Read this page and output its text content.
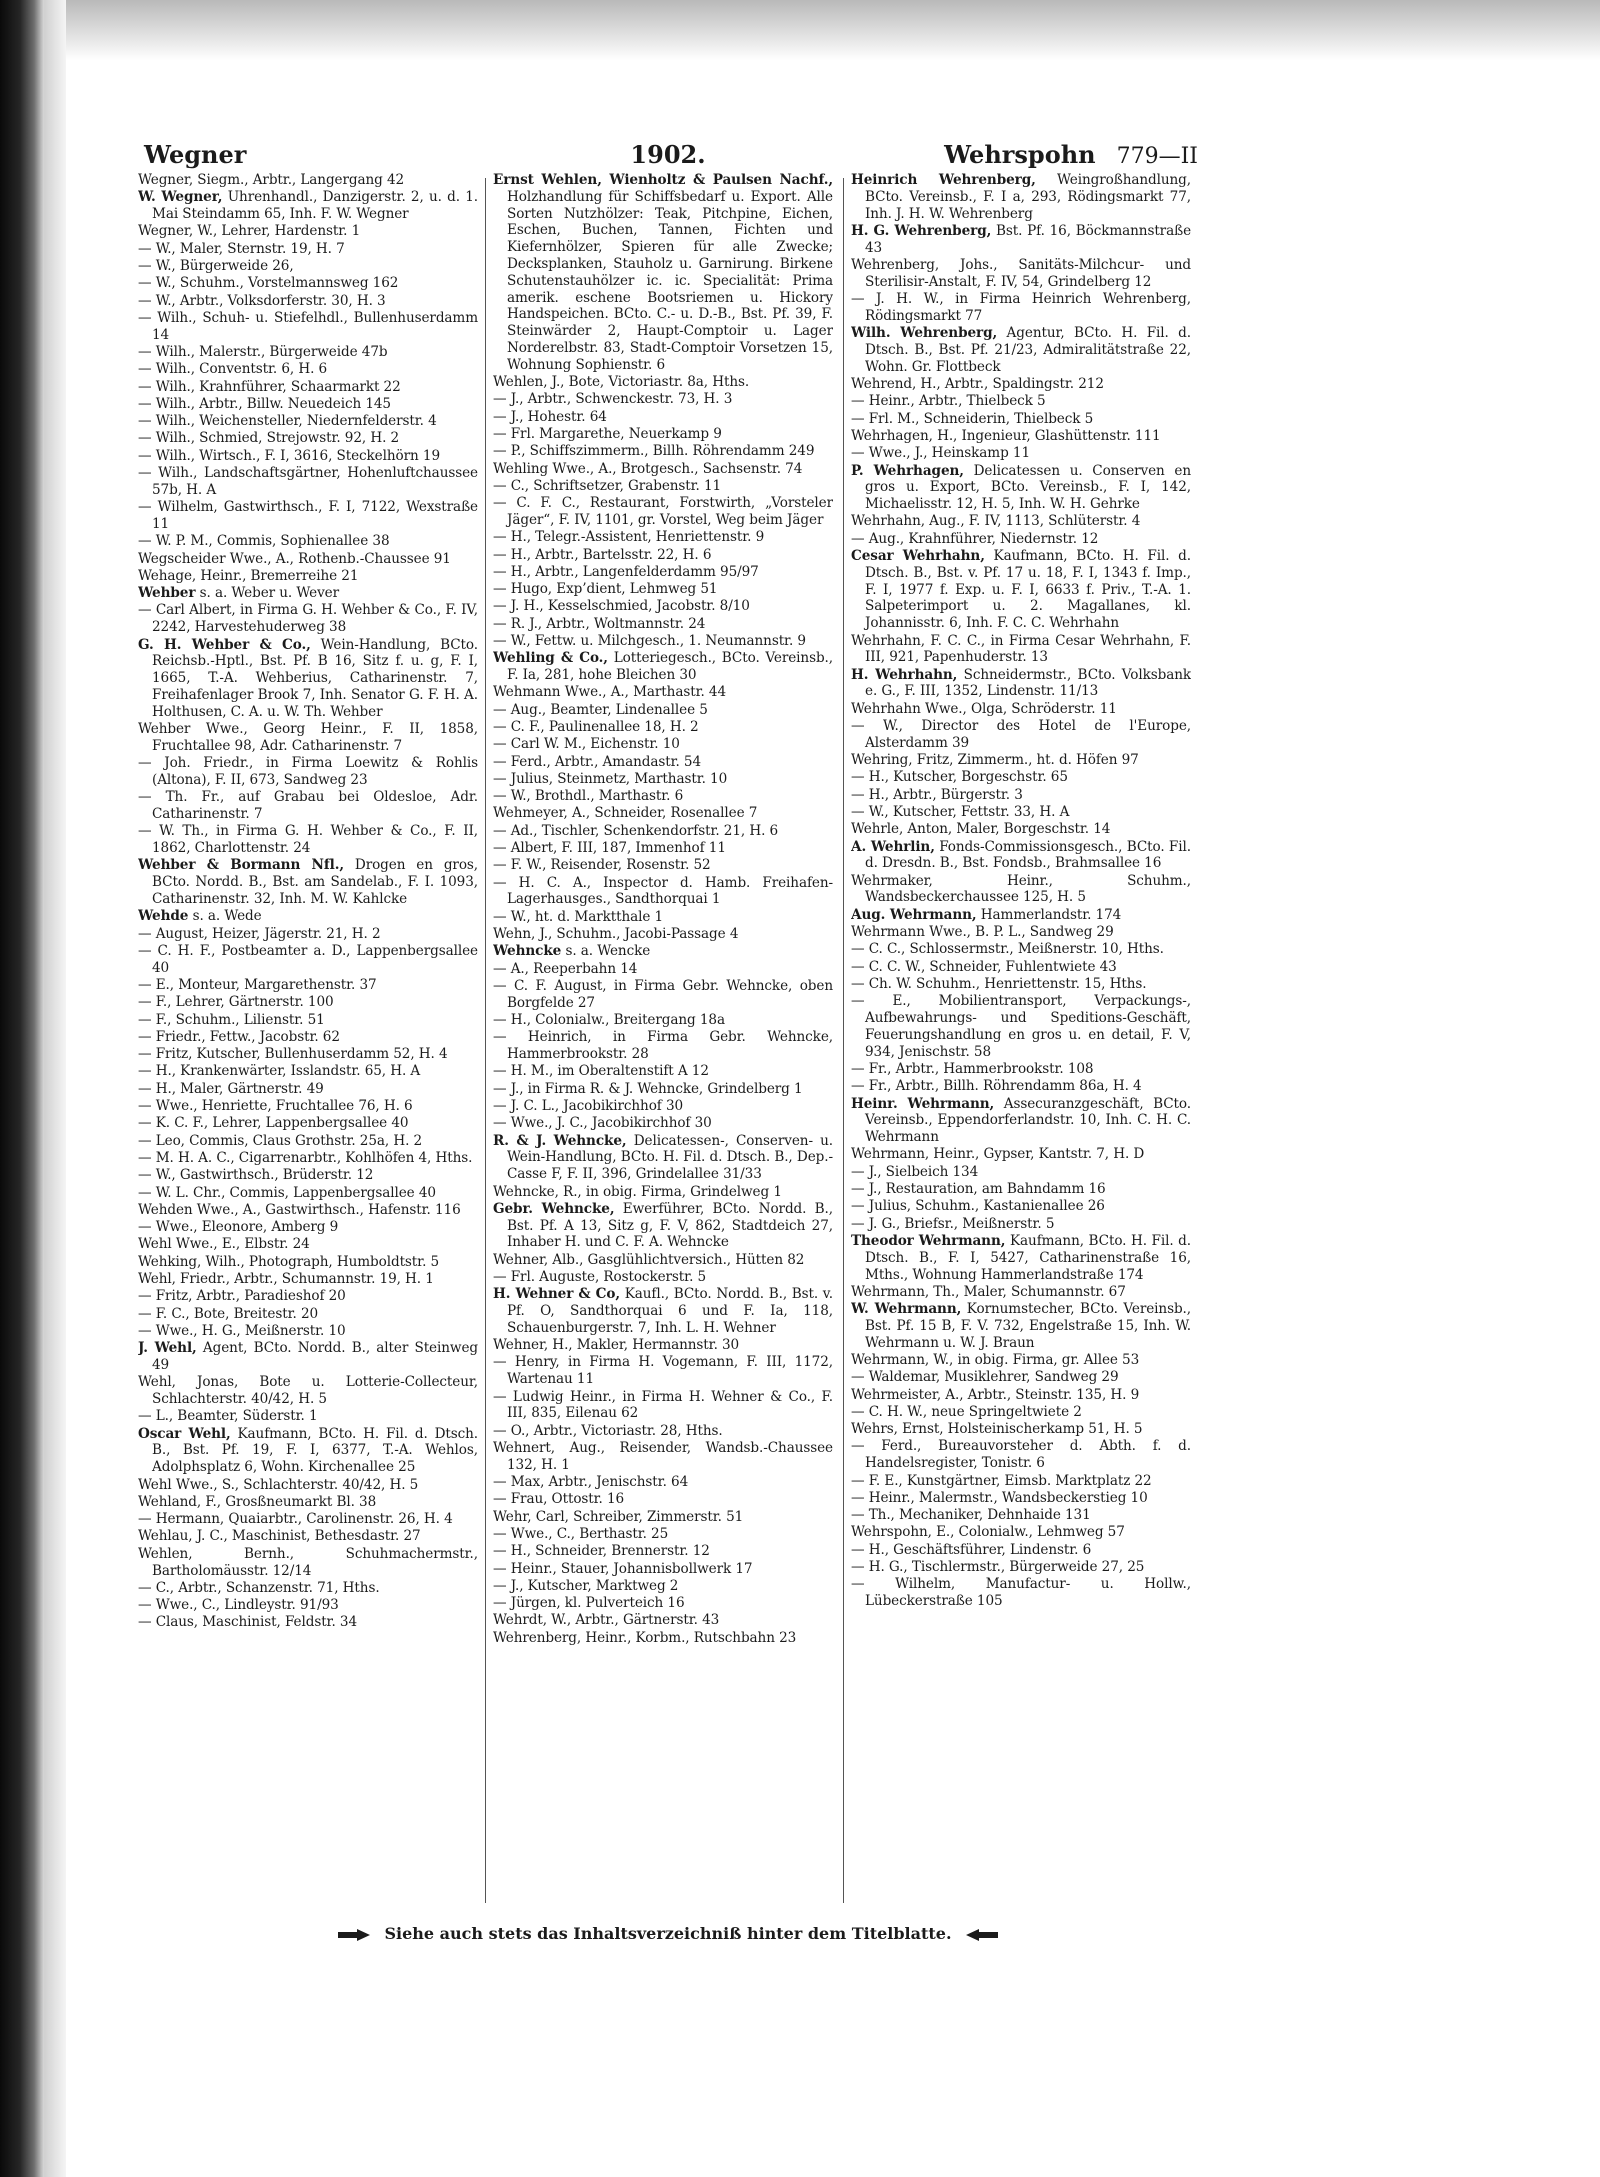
Wegner	1902.	Wehrspohn 779—II
Wegner, Siegm., Arbtr., Langergang 42
W. Wegner, Uhrenhandl., Danzigerstr. 2, u. d. 1. Mai Steindamm 65, Inh. F. W. Wegner
Wegner, W., Lehrer, Hardenstr. 1
— W., Maler, Sternstr. 19, H. 7
— W., Bürgerweide 26,
— W., Schuhm., Vorstelmannsweg 162
— W., Arbtr., Volksdorferstr. 30, H. 3
— Wilh., Schuh- u. Stiefelhdl., Bullenhuserdamm 14
— Wilh., Malerstr., Bürgerweide 47b
— Wilh., Conventstr. 6, H. 6
— Wilh., Krahnführer, Schaarmarkt 22
— Wilh., Arbtr., Billw. Neuedeich 145
— Wilh., Weichensteller, Niedernfelderstr. 4
— Wilh., Schmied, Strejowstr. 92, H. 2
— Wilh., Wirtsch., F. I, 3616, Steckelhörn 19
— Wilh., Landschaftsgärtner, Hohenluftchaussee 57b, H. A
— Wilhelm, Gastwirthsch., F. I, 7122, Wexstraße 11
— W. P. M., Commis, Sophienallee 38
Wegscheider Wwe., A., Rothenb.-Chaussee 91
Wehage, Heinr., Bremerreihe 21
Wehber s. a. Weber u. Wever
— Carl Albert, in Firma G. H. Wehber & Co., F. IV, 2242, Harvestehuderweg 38
G. H. Wehber & Co., Wein-Handlung, BCto. Reichsb.-Hptl., Bst. Pf. B 16, Sitz f. u. g, F. I, 1665, T.-A. Wehberius, Catharinenstr. 7, Freihafenlager Brook 7, Inh. Senator G. F. H. A. Holthusen, C. A. u. W. Th. Wehber
Wehber Wwe., Georg Heinr., F. II, 1858, Fruchtallee 98, Adr. Catharinenstr. 7
— Joh. Friedr., in Firma Loewitz & Rohlis (Altona), F. II, 673, Sandweg 23
— Th. Fr., auf Grabau bei Oldesloe, Adr. Catharinenstr. 7
— W. Th., in Firma G. H. Wehber & Co., F. II, 1862, Charlottenstr. 24
Wehber & Bormann Nfl., Drogen en gros, BCto. Nordd. B., Bst. am Sandelab., F. I. 1093, Catharinenstr. 32, Inh. M. W. Kahlcke
Wehde s. a. Wede
— August, Heizer, Jägerstr. 21, H. 2
— C. H. F., Postbeamter a. D., Lappenbergsallee 40
— E., Monteur, Margarethenstr. 37
— F., Lehrer, Gärtnerstr. 100
— F., Schuhm., Lilienstr. 51
— Friedr., Fettw., Jacobstr. 62
— Fritz, Kutscher, Bullenhuserdamm 52, H. 4
— H., Krankenwärter, Isslandstr. 65, H. A
— H., Maler, Gärtnerstr. 49
— Wwe., Henriette, Fruchtallee 76, H. 6
— K. C. F., Lehrer, Lappenbergsallee 40
— Leo, Commis, Claus Grothstr. 25a, H. 2
— M. H. A. C., Cigarrenarbtr., Kohlhöfen 4, Hths.
— W., Gastwirthsch., Brüderstr. 12
— W. L. Chr., Commis, Lappenbergsallee 40
Wehden Wwe., A., Gastwirthsch., Hafenstr. 116
— Wwe., Eleonore, Amberg 9
Wehl Wwe., E., Elbstr. 24
Wehking, Wilh., Photograph, Humboldtstr. 5
Wehl, Friedr., Arbtr., Schumannstr. 19, H. 1
— Fritz, Arbtr., Paradieshof 20
— F. C., Bote, Breitestr. 20
— Wwe., H. G., Meißnerstr. 10
J. Wehl, Agent, BCto. Nordd. B., alter Steinweg 49
Wehl, Jonas, Bote u. Lotterie-Collecteur, Schlachterstr. 40/42, H. 5
— L., Beamter, Süderstr. 1
Oscar Wehl, Kaufmann, BCto. H. Fil. d. Dtsch. B., Bst. Pf. 19, F. I, 6377, T.-A. Wehlos, Adolphsplatz 6, Wohn. Kirchenallee 25
Wehl Wwe., S., Schlachterstr. 40/42, H. 5
Wehland, F., Grosßneumarkt Bl. 38
— Hermann, Quaiarbtr., Carolinenstr. 26, H. 4
Wehlau, J. C., Maschinist, Bethesdastr. 27
Wehlen, Bernh., Schuhmachermstr., Bartholomäusstr. 12/14
— C., Arbtr., Schanzenstr. 71, Hths.
— Wwe., C., Lindleystr. 91/93
— Claus, Maschinist, Feldstr. 34
Ernst Wehlen, Wienholtz & Paulsen Nachf., Holzhandlung für Schiffsbedarf u. Export. Alle Sorten Nutzhölzer: Teak, Pitchpine, Eichen, Eschen, Buchen, Tannen, Fichten und Kiefernhölzer, Spieren für alle Zwecke; Decksplanken, Stauholz u. Garnirung. Birkene Schutenstauhölzer ic. ic. Specialität: Prima amerik. eschene Bootsriemen u. Hickory Handspeichen. BCto. C.- u. D.-B., Bst. Pf. 39, F. Steinwärder 2, Haupt-Comptoir u. Lager Norderelbstr. 83, Stadt-Comptoir Vorsetzen 15, Wohnung Sophienstr. 6
Wehlen, J., Bote, Victoriastr. 8a, Hths.
— J., Arbtr., Schwenckestr. 73, H. 3
— J., Hohestr. 64
— Frl. Margarethe, Neuerkamp 9
— P., Schiffszimmerm., Billh. Röhrendamm 249
Wehling Wwe., A., Brotgesch., Sachsenstr. 74
— C., Schriftsetzer, Grabenstr. 11
— C. F. C., Restaurant, Forstwirth, „Vorsteler Jäger“, F. IV, 1101, gr. Vorstel, Weg beim Jäger
— H., Telegr.-Assistent, Henriettenstr. 9
— H., Arbtr., Bartelsstr. 22, H. 6
— H., Arbtr., Langenfelderdamm 95/97
— Hugo, Exp’dient, Lehmweg 51
— J. H., Kesselschmied, Jacobstr. 8/10
— R. J., Arbtr., Woltmannstr. 24
— W., Fettw. u. Milchgesch., 1. Neumannstr. 9
Wehling & Co., Lotteriegesch., BCto. Vereinsb., F. Ia, 281, hohe Bleichen 30
Wehmann Wwe., A., Marthastr. 44
— Aug., Beamter, Lindenallee 5
— C. F., Paulinenallee 18, H. 2
— Carl W. M., Eichenstr. 10
— Ferd., Arbtr., Amandastr. 54
— Julius, Steinmetz, Marthastr. 10
— W., Brothdl., Marthastr. 6
Wehmeyer, A., Schneider, Rosenallee 7
— Ad., Tischler, Schenkendorfstr. 21, H. 6
— Albert, F. III, 187, Immenhof 11
— F. W., Reisender, Rosenstr. 52
— H. C. A., Inspector d. Hamb. Freihafen-Lagerhausges., Sandthorquai 1
— W., ht. d. Marktthale 1
Wehn, J., Schuhm., Jacobi-Passage 4
Wehncke s. a. Wencke
— A., Reeperbahn 14
— C. F. August, in Firma Gebr. Wehncke, oben Borgfelde 27
— H., Colonialw., Breitergang 18a
— Heinrich, in Firma Gebr. Wehncke, Hammerbrookstr. 28
— H. M., im Oberaltenstift A 12
— J., in Firma R. & J. Wehncke, Grindelberg 1
— J. C. L., Jacobikirchhof 30
— Wwe., J. C., Jacobikirchhof 30
R. & J. Wehncke, Delicatessen-, Conserven- u. Wein-Handlung, BCto. H. Fil. d. Dtsch. B., Dep.-Casse F, F. II, 396, Grindelallee 31/33
Wehncke, R., in obig. Firma, Grindelweg 1
Gebr. Wehncke, Ewerführer, BCto. Nordd. B., Bst. Pf. A 13, Sitz g, F. V, 862, Stadtdeich 27, Inhaber H. und C. F. A. Wehncke
Wehner, Alb., Gasglühlichtversich., Hütten 82
— Frl. Auguste, Rostockerstr. 5
H. Wehner & Co, Kaufl., BCto. Nordd. B., Bst. v. Pf. O, Sandthorquai 6 und F. Ia, 118, Schauenburgerstr. 7, Inh. L. H. Wehner
Wehner, H., Makler, Hermannstr. 30
— Henry, in Firma H. Vogemann, F. III, 1172, Wartenau 11
— Ludwig Heinr., in Firma H. Wehner & Co., F. III, 835, Eilenau 62
— O., Arbtr., Victoriastr. 28, Hths.
Wehnert, Aug., Reisender, Wandsb.-Chaussee 132, H. 1
— Max, Arbtr., Jenischstr. 64
— Frau, Ottostr. 16
Wehr, Carl, Schreiber, Zimmerstr. 51
— Wwe., C., Berthastr. 25
— H., Schneider, Brennerstr. 12
— Heinr., Stauer, Johannisbollwerk 17
— J., Kutscher, Marktweg 2
— Jürgen, kl. Pulverteich 16
Wehrdt, W., Arbtr., Gärtnerstr. 43
Wehrenberg, Heinr., Korbm., Rutschbahn 23
Heinrich Wehrenberg, Weingroßhandlung, BCto. Vereinsb., F. I a, 293, Rödingsmarkt 77, Inh. J. H. W. Wehrenberg
H. G. Wehrenberg, Bst. Pf. 16, Böckmannstraße 43
Wehrenberg, Johs., Sanitäts-Milchcur- und Sterilisir-Anstalt, F. IV, 54, Grindelberg 12
— J. H. W., in Firma Heinrich Wehrenberg, Rödingsmarkt 77
Wilh. Wehrenberg, Agentur, BCto. H. Fil. d. Dtsch. B., Bst. Pf. 21/23, Admiralitätstraße 22, Wohn. Gr. Flottbeck
Wehrend, H., Arbtr., Spaldingstr. 212
— Heinr., Arbtr., Thielbeck 5
— Frl. M., Schneiderin, Thielbeck 5
Wehrhagen, H., Ingenieur, Glashüttenstr. 111
— Wwe., J., Heinskamp 11
P. Wehrhagen, Delicatessen u. Conserven en gros u. Export, BCto. Vereinsb., F. I, 142, Michaelisstr. 12, H. 5, Inh. W. H. Gehrke
Wehrhahn, Aug., F. IV, 1113, Schlüterstr. 4
— Aug., Krahnführer, Niedernstr. 12
Cesar Wehrhahn, Kaufmann, BCto. H. Fil. d. Dtsch. B., Bst. v. Pf. 17 u. 18, F. I, 1343 f. Imp., F. I, 1977 f. Exp. u. F. I, 6633 f. Priv., T.-A. 1. Salpeterimport u. 2. Magallanes, kl. Johannisstr. 6, Inh. F. C. C. Wehrhahn
Wehrhahn, F. C. C., in Firma Cesar Wehrhahn, F. III, 921, Papenhuderstr. 13
H. Wehrhahn, Schneidermstr., BCto. Volksbank e. G., F. III, 1352, Lindenstr. 11/13
Wehrhahn Wwe., Olga, Schröderstr. 11
— W., Director des Hotel de l'Europe, Alsterdamm 39
Wehring, Fritz, Zimmerm., ht. d. Höfen 97
— H., Kutscher, Borgeschstr. 65
— H., Arbtr., Bürgerstr. 3
— W., Kutscher, Fettstr. 33, H. A
Wehrle, Anton, Maler, Borgeschstr. 14
A. Wehrlin, Fonds-Commissionsgesch., BCto. Fil. d. Dresdn. B., Bst. Fondsb., Brahmsallee 16
Wehrmaker, Heinr., Schuhm., Wandsbeckerchaussee 125, H. 5
Aug. Wehrmann, Hammerlandstr. 174
Wehrmann Wwe., B. P. L., Sandweg 29
— C. C., Schlossermstr., Meißnerstr. 10, Hths.
— C. C. W., Schneider, Fuhlentwiete 43
— Ch. W. Schuhm., Henriettenstr. 15, Hths.
— E., Mobilientransport, Verpackungs-, Aufbewahrungs- und Speditions-Geschäft, Feuerungshandlung en gros u. en detail, F. V, 934, Jenischstr. 58
— Fr., Arbtr., Hammerbrookstr. 108
— Fr., Arbtr., Billh. Röhrendamm 86a, H. 4
Heinr. Wehrmann, Assecuranzgeschäft, BCto. Vereinsb., Eppendorferlandstr. 10, Inh. C. H. C. Wehrmann
Wehrmann, Heinr., Gypser, Kantstr. 7, H. D
— J., Sielbeich 134
— J., Restauration, am Bahndamm 16
— Julius, Schuhm., Kastanienallee 26
— J. G., Briefsr., Meißnerstr. 5
Theodor Wehrmann, Kaufmann, BCto. H. Fil. d. Dtsch. B., F. I, 5427, Catharinenstraße 16, Mths., Wohnung Hammerlandstraße 174
Wehrmann, Th., Maler, Schumannstr. 67
W. Wehrmann, Kornumstecher, BCto. Vereinsb., Bst. Pf. 15 B, F. V. 732, Engelstraße 15, Inh. W. Wehrmann u. W. J. Braun
Wehrmann, W., in obig. Firma, gr. Allee 53
— Waldemar, Musiklehrer, Sandweg 29
Wehrmeister, A., Arbtr., Steinstr. 135, H. 9
— C. H. W., neue Springeltwiete 2
Wehrs, Ernst, Holsteinischerkamp 51, H. 5
— Ferd., Bureauvorsteher d. Abth. f. d. Handelsregister, Tonistr. 6
— F. E., Kunstgärtner, Eimsb. Marktplatz 22
— Heinr., Malermstr., Wandsbeckerstieg 10
— Th., Mechaniker, Dehnhaide 131
Wehrspohn, E., Colonialw., Lehmweg 57
— H., Geschäftsführer, Lindenstr. 6
— H. G., Tischlermstr., Bürgerweide 27, 25
— Wilhelm, Manufactur- u. Hollw., Lübeckerstraße 105
Siehe auch stets das Inhaltsverzeichniß hinter dem Titelblatte.
